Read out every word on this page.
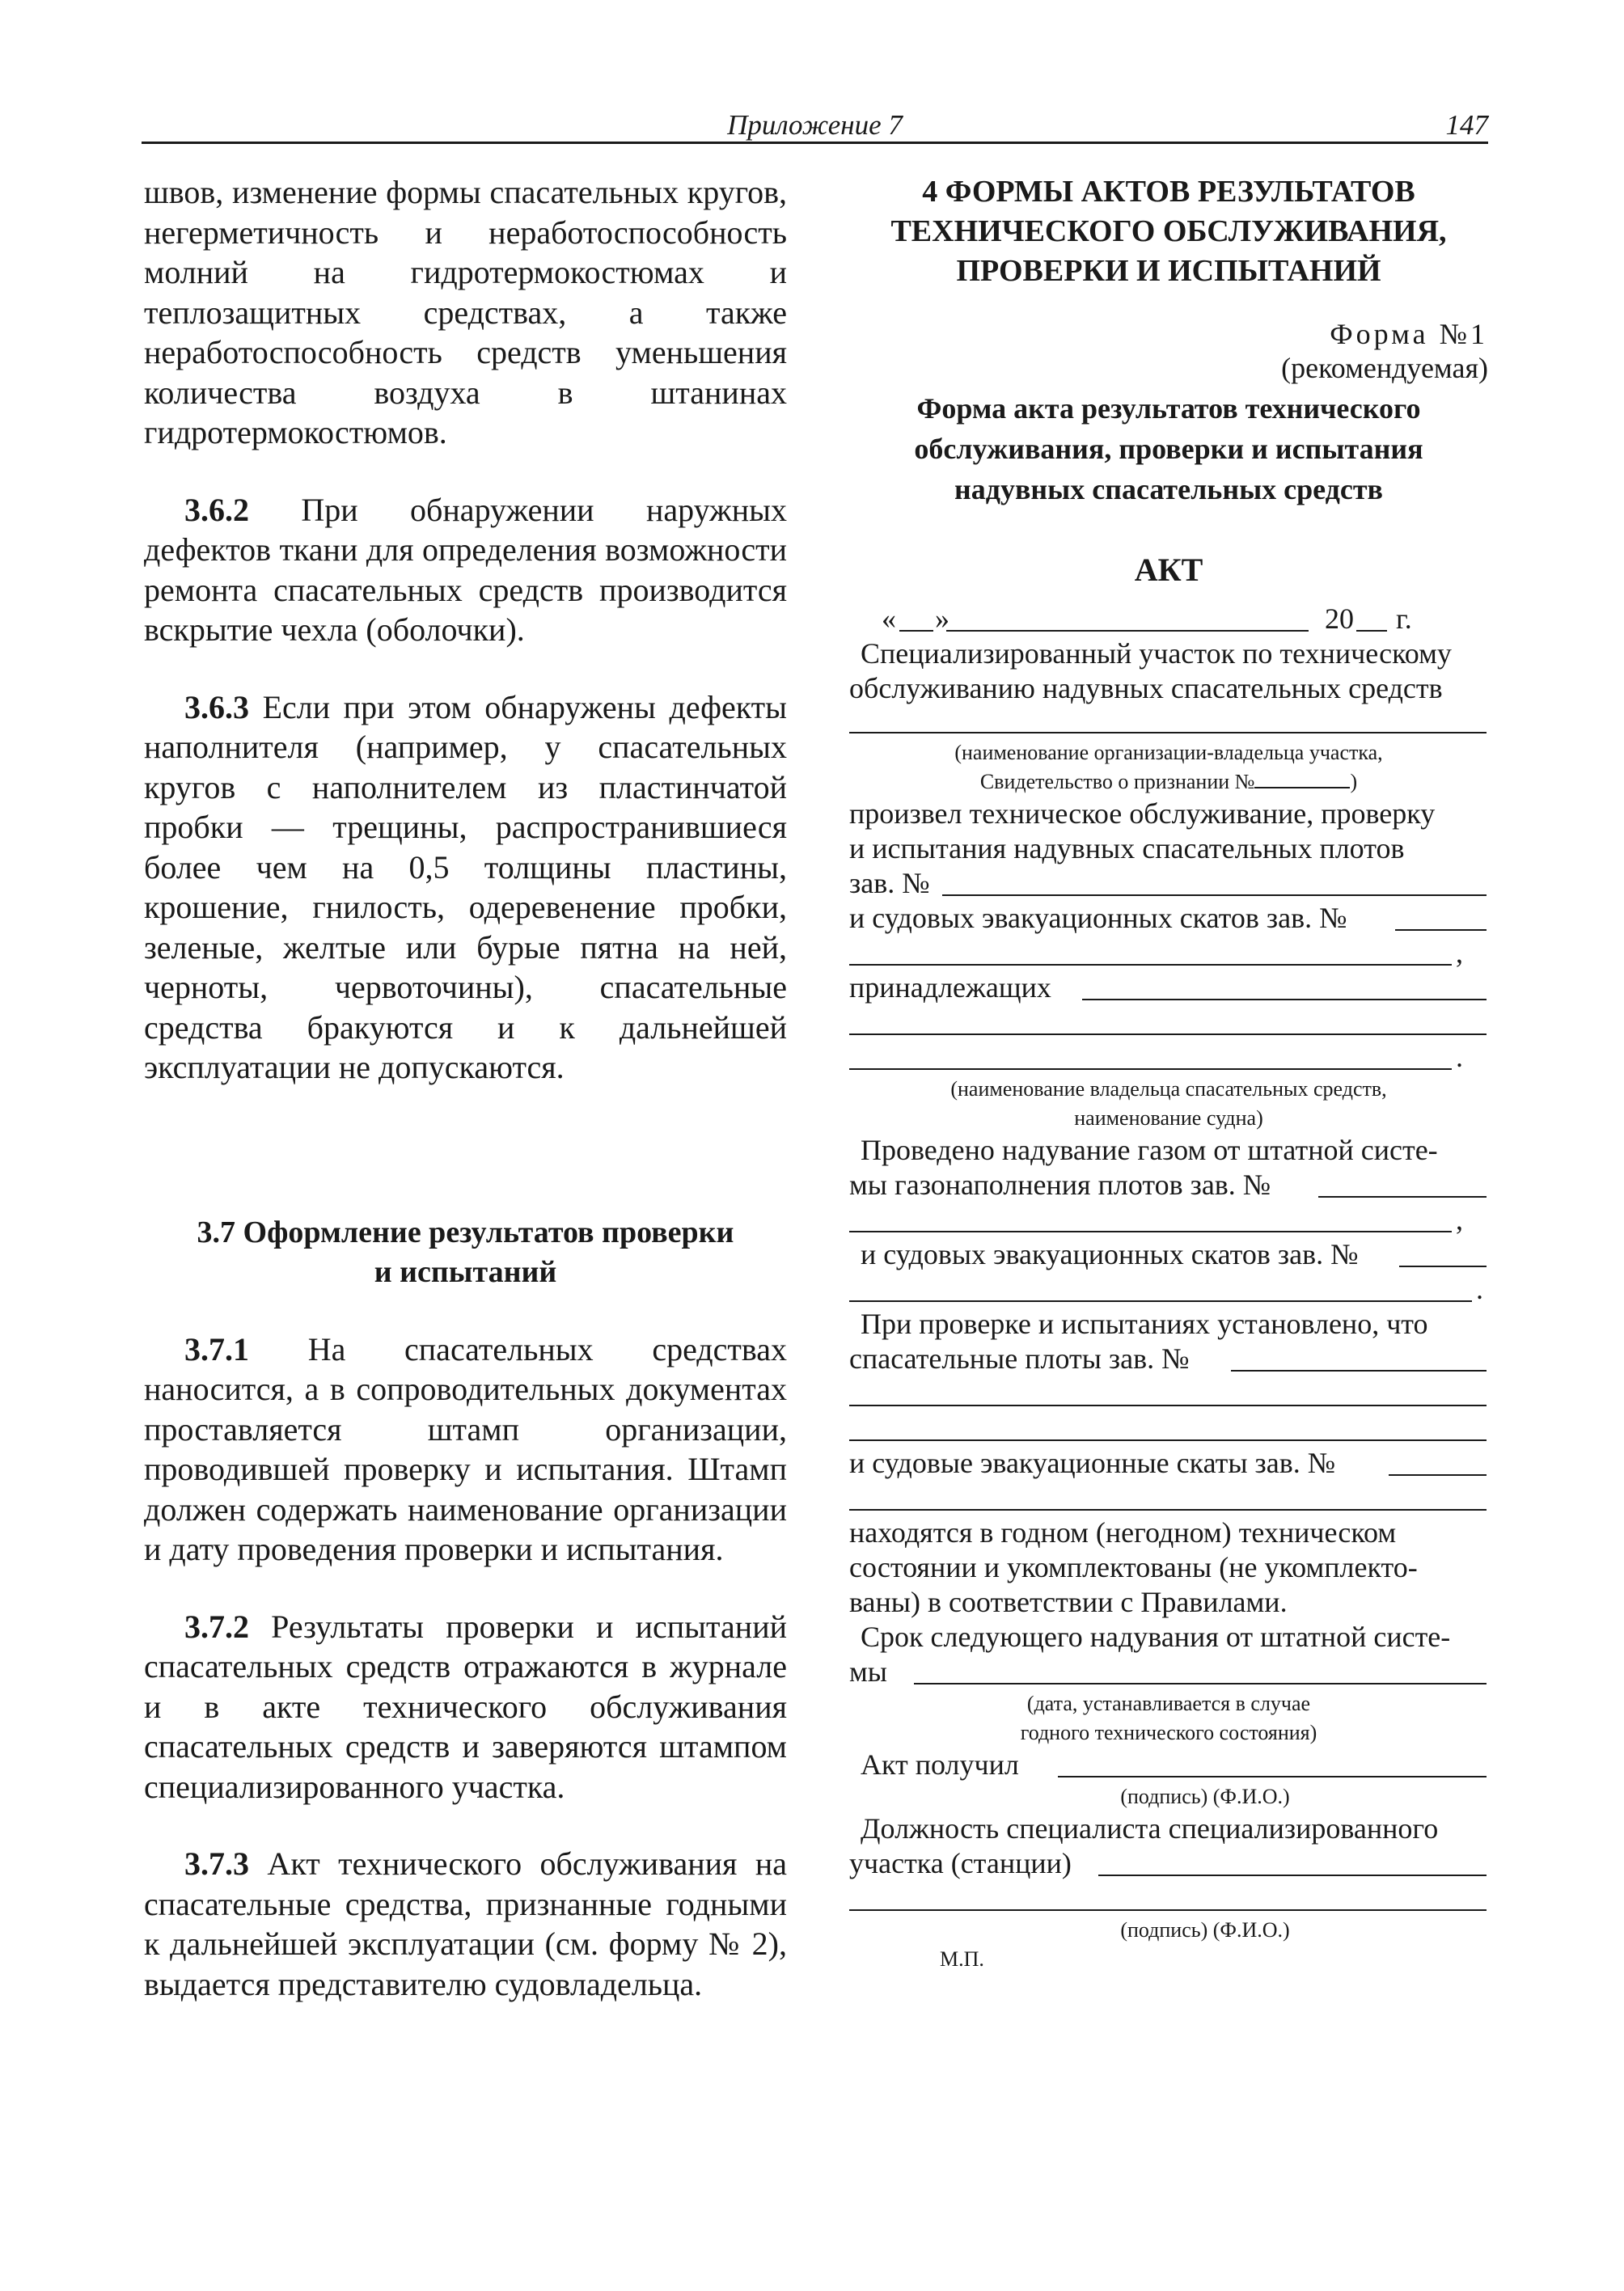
Приложение 7	147

швов, изменение формы спасательных кругов, негерметичность и неработоспособность молний на гидротермокостюмах и теплозащитных средствах, а также неработоспособность средств уменьшения количества воздуха в штанинах гидротермокостюмов.

3.6.2 При обнаружении наружных дефектов ткани для определения возможности ремонта спасательных средств производится вскрытие чехла (оболочки).

3.6.3 Если при этом обнаружены дефекты наполнителя (например, у спасательных кругов с наполнителем из пластинчатой пробки — трещины, распространившиеся более чем на 0,5 толщины пластины, крошение, гнилость, одеревенение пробки, зеленые, желтые или бурые пятна на ней, черноты, червоточины), спасательные средства бракуются и к дальнейшей эксплуатации не допускаются.

3.7 Оформление результатов проверки
и испытаний

3.7.1 На спасательных средствах наносится, а в сопроводительных документах проставляется штамп организации, проводившей проверку и испытания. Штамп должен содержать наименование организации и дату проведения проверки и испытания.

3.7.2 Результаты проверки и испытаний спасательных средств отражаются в журнале и в акте технического обслуживания спасательных средств и заверяются штампом специализированного участка.

3.7.3 Акт технического обслуживания на спасательные средства, признанные годными к дальнейшей эксплуатации (см. форму № 2), выдается представителю судовладельца.

4 ФОРМЫ АКТОВ РЕЗУЛЬТАТОВ
ТЕХНИЧЕСКОГО ОБСЛУЖИВАНИЯ,
ПРОВЕРКИ И ИСПЫТАНИЙ
Форма №1
(рекомендуемая)
Форма акта результатов технического
обслуживания, проверки и испытания
надувных спасательных средств
АКТ
« »	20 г.
Специализированный участок по техническому
обслуживанию надувных спасательных средств
(наименование организации-владельца участка,
Свидетельство о признании №	)
произвел техническое обслуживание, проверку
и испытания надувных спасательных плотов
зав. №
и судовых эвакуационных скатов зав. №
,
принадлежащих
.
(наименование владельца спасательных средств,
наименование судна)
Проведено надувание газом от штатной систе-
мы газонаполнения плотов зав. №
,
и судовых эвакуационных скатов зав. №
.
При проверке и испытаниях установлено, что
спасательные плоты зав. №
и судовые эвакуационные скаты зав. №
находятся в годном (негодном) техническом
состоянии и укомплектованы (не укомплекто-
ваны) в соответствии с Правилами.
Срок следующего надувания от штатной систе-
мы
(дата, устанавливается в случае
годного технического состояния)
Акт получил
(подпись) (Ф.И.О.)
Должность специалиста специализированного
участка (станции)
(подпись) (Ф.И.О.)
М.П.
